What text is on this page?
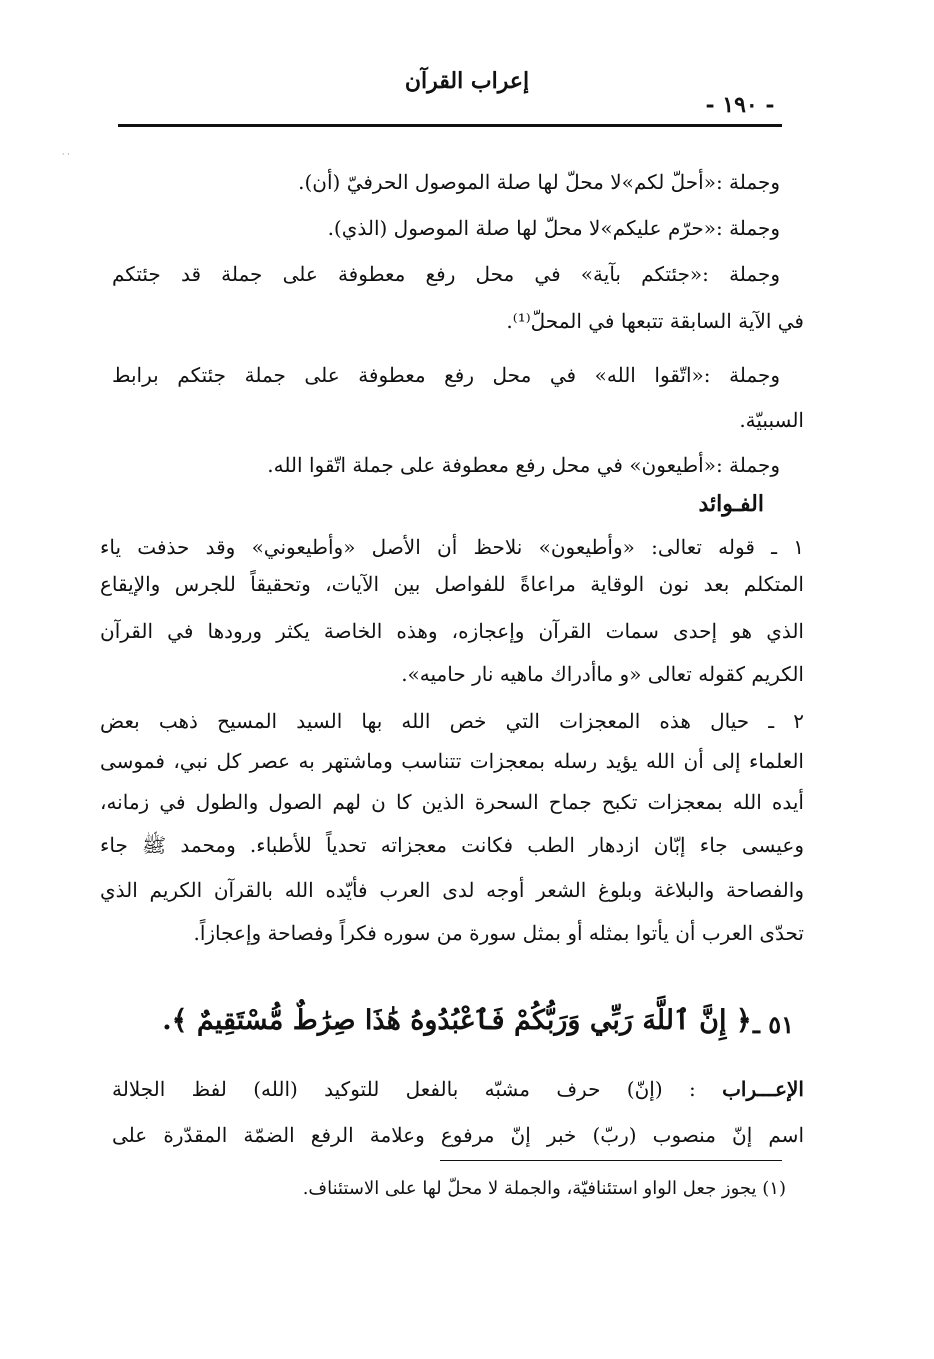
إعراب القرآن
- ١٩٠ -
· ·
وجملة :«أحلّ لكم»لا محلّ لها صلة الموصول الحرفيّ (أن).
وجملة :«حرّم عليكم»لا محلّ لها صلة الموصول (الذي).
وجملة :«جئتكم بآية» في محل رفع معطوفة على جملة قد جئتكم
في الآية السابقة تتبعها في المحلّ⁽¹⁾.
وجملة :«اتّقوا الله» في محل رفع معطوفة على جملة جئتكم برابط
السببيّة.
وجملة :«أطيعون» في محل رفع معطوفة على جملة اتّقوا الله.
الفـوائد
١ ـ قوله تعالى: «وأطيعون» نلاحظ أن الأصل «وأطيعوني» وقد حذفت ياء
المتكلم بعد نون الوقاية مراعاةً للفواصل بين الآيات، وتحقيقاً للجرس والإيقاع
الذي هو إحدى سمات القرآن وإعجازه، وهذه الخاصة يكثر ورودها في القرآن
الكريم كقوله تعالى «و ماأدراك ماهيه نار حاميه».
٢ ـ حيال هذه المعجزات التي خص الله بها السيد المسيح ذهب بعض
العلماء إلى أن الله يؤيد رسله بمعجزات تتناسب وماشتهر به عصر كل نبي، فموسى
أيده الله بمعجزات تكبح جماح السحرة الذين كا ن لهم الصول والطول في زمانه،
وعيسى جاء إبّان ازدهار الطب فكانت معجزاته تحدياً للأطباء. ومحمد ﷺ جاء
والفصاحة والبلاغة وبلوغ الشعر أوجه لدى العرب فأيّده الله بالقرآن الكريم الذي
تحدّى العرب أن يأتوا بمثله أو بمثل سورة من سوره فكراً وفصاحة وإعجازاً.
٥١ ـ
﴿ إِنَّ ٱللَّهَ رَبِّي وَرَبُّكُمْ فَٱعْبُدُوهُ هَٰذَا صِرَٰطٌ مُّسْتَقِيمٌ ﴾.
الإعـــراب : (إنّ) حرف مشبّه بالفعل للتوكيد (الله) لفظ الجلالة
اسم إنّ منصوب (ربّ) خبر إنّ مرفوع وعلامة الرفع الضمّة المقدّرة على
(١) يجوز جعل الواو استئنافيّة، والجملة لا محلّ لها على الاستئناف.
